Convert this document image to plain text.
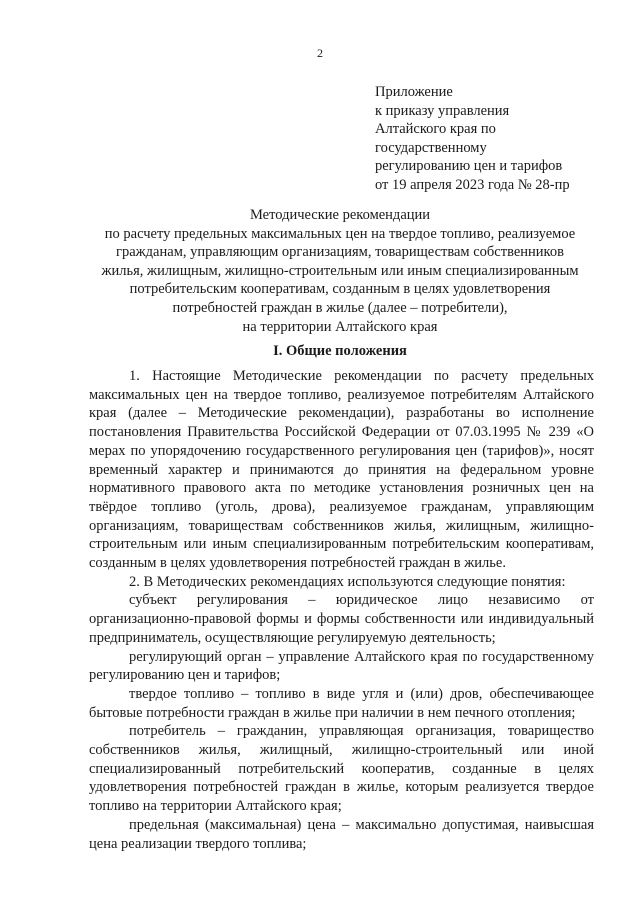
2
Приложение
к приказу управления
Алтайского края по
государственному
регулированию цен и тарифов
от 19 апреля 2023 года № 28-пр
Методические рекомендации
по расчету предельных максимальных цен на твердое топливо, реализуемое
гражданам, управляющим организациям, товариществам собственников
жилья, жилищным, жилищно-строительным или иным специализированным
потребительским кооперативам, созданным в целях удовлетворения
потребностей граждан в жилье (далее – потребители),
на территории Алтайского края
I. Общие положения

1. Настоящие Методические рекомендации по расчету предельных максимальных цен на твердое топливо, реализуемое потребителям Алтайского края (далее – Методические рекомендации), разработаны во исполнение постановления Правительства Российской Федерации от 07.03.1995 № 239 «О мерах по упорядочению государственного регулирования цен (тарифов)», носят временный характер и принимаются до принятия на федеральном уровне нормативного правового акта по методике установления розничных цен на твёрдое топливо (уголь, дрова), реализуемое гражданам, управляющим организациям, товариществам собственников жилья, жилищным, жилищно-строительным или иным специализированным потребительским кооперативам, созданным в целях удовлетворения потребностей граждан в жилье.

2. В Методических рекомендациях используются следующие понятия:

субъект регулирования – юридическое лицо независимо от организационно-правовой формы и формы собственности или индивидуальный предприниматель, осуществляющие регулируемую деятельность;

регулирующий орган – управление Алтайского края по государственному регулированию цен и тарифов;

твердое топливо – топливо в виде угля и (или) дров, обеспечивающее бытовые потребности граждан в жилье при наличии в нем печного отопления;

потребитель – гражданин, управляющая организация, товарищество собственников жилья, жилищный, жилищно-строительный или иной специализированный потребительский кооператив, созданные в целях удовлетворения потребностей граждан в жилье, которым реализуется твердое топливо на территории Алтайского края;

предельная (максимальная) цена – максимально допустимая, наивысшая цена реализации твердого топлива;
